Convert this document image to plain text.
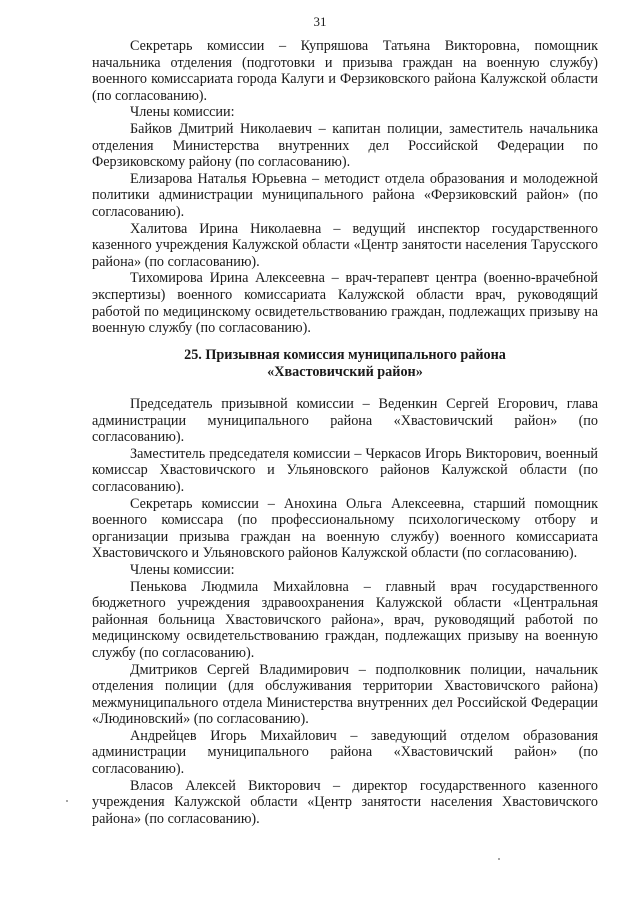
31

Секретарь комиссии – Купряшова Татьяна Викторовна, помощник начальника отделения (подготовки и призыва граждан на военную службу) военного комиссариата города Калуги и Ферзиковского района Калужской области (по согласованию).

Члены комиссии:

Байков Дмитрий Николаевич – капитан полиции, заместитель начальника отделения Министерства внутренних дел Российской Федерации по Ферзиковскому району (по согласованию).

Елизарова Наталья Юрьевна – методист отдела образования и молодежной политики администрации муниципального района «Ферзиковский район» (по согласованию).

Халитова Ирина Николаевна – ведущий инспектор государственного казенного учреждения Калужской области «Центр занятости населения Тарусского района» (по согласованию).

Тихомирова Ирина Алексеевна – врач-терапевт центра (военно-врачебной экспертизы) военного комиссариата Калужской области врач, руководящий работой по медицинскому освидетельствованию граждан, подлежащих призыву на военную службу (по согласованию).

25. Призывная комиссия муниципального района
«Хвастовичский район»

Председатель призывной комиссии – Веденкин Сергей Егорович, глава администрации муниципального района «Хвастовичский район» (по согласованию).

Заместитель председателя комиссии – Черкасов Игорь Викторович, военный комиссар Хвастовичского и Ульяновского районов Калужской области (по согласованию).

Секретарь комиссии – Анохина Ольга Алексеевна, старший помощник военного комиссара (по профессиональному психологическому отбору и организации призыва граждан на военную службу) военного комиссариата Хвастовичского и Ульяновского районов Калужской области (по согласованию).

Члены комиссии:

Пенькова Людмила Михайловна – главный врач государственного бюджетного учреждения здравоохранения Калужской области «Центральная районная больница Хвастовичского района», врач, руководящий работой по медицинскому освидетельствованию граждан, подлежащих призыву на военную службу (по согласованию).

Дмитриков Сергей Владимирович – подполковник полиции, начальник отделения полиции (для обслуживания территории Хвастовичского района) межмуниципального отдела Министерства внутренних дел Российской Федерации «Людиновский» (по согласованию).

Андрейцев Игорь Михайлович – заведующий отделом образования администрации муниципального района «Хвастовичский район» (по согласованию).

Власов Алексей Викторович – директор государственного казенного учреждения Калужской области «Центр занятости населения Хвастовичского района» (по согласованию).
